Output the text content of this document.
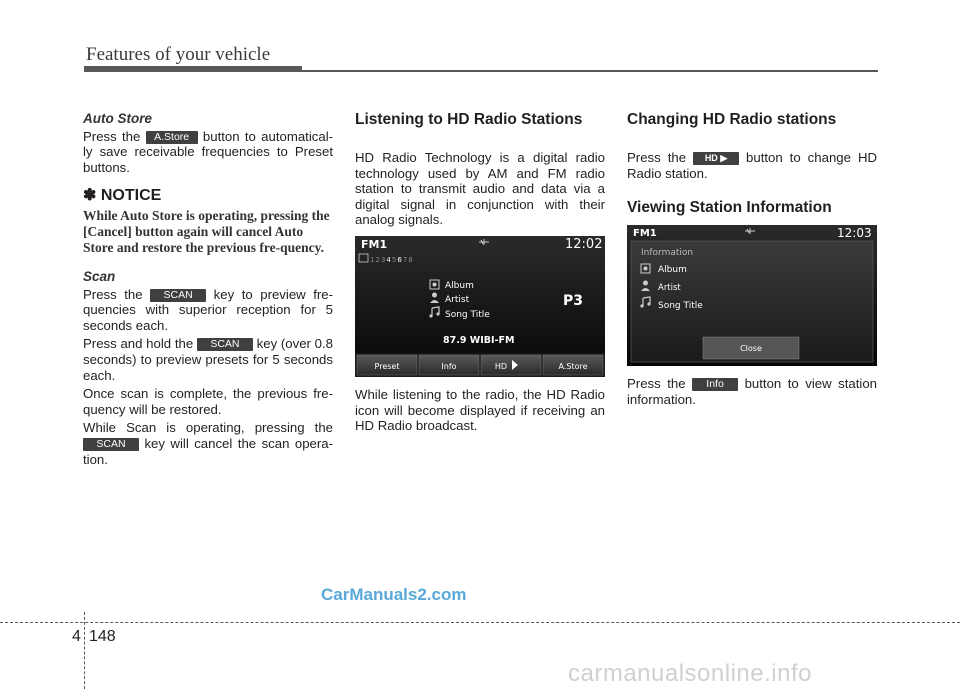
Features of your vehicle
Auto Store

Press the A.Store button to automatical-ly save receivable frequencies to Preset buttons.

✽ NOTICE
While Auto Store is operating, pressing the [Cancel] button again will cancel Auto Store and restore the previous fre-quency.
Scan

Press the SCAN key to preview fre-quencies with superior reception for 5 seconds each.

Press and hold the SCAN key (over 0.8 seconds) to preview presets for 5 seconds each.

Once scan is complete, the previous fre-quency will be restored.

While Scan is operating, pressing the SCAN key will cancel the scan opera-tion.

Listening to HD Radio Stations

HD Radio Technology is a digital radio technology used by AM and FM radio station to transmit audio and data via a digital signal in conjunction with their analog signals.

FM1	12:02
12345678
Album
Artist
Song Title
P3
87.9 WIBI-FM
Preset	Info	HD	A.Store

While listening to the radio, the HD Radio icon will become displayed if receiving an HD Radio broadcast.

Changing HD Radio stations

Press the HD ▶ button to change HD Radio station.

Viewing Station Information
FM1	12:03
Information
Album
Artist
Song Title
Close

Press the Info button to view station information.

CarManuals2.com
4 148
carmanualsonline.info
